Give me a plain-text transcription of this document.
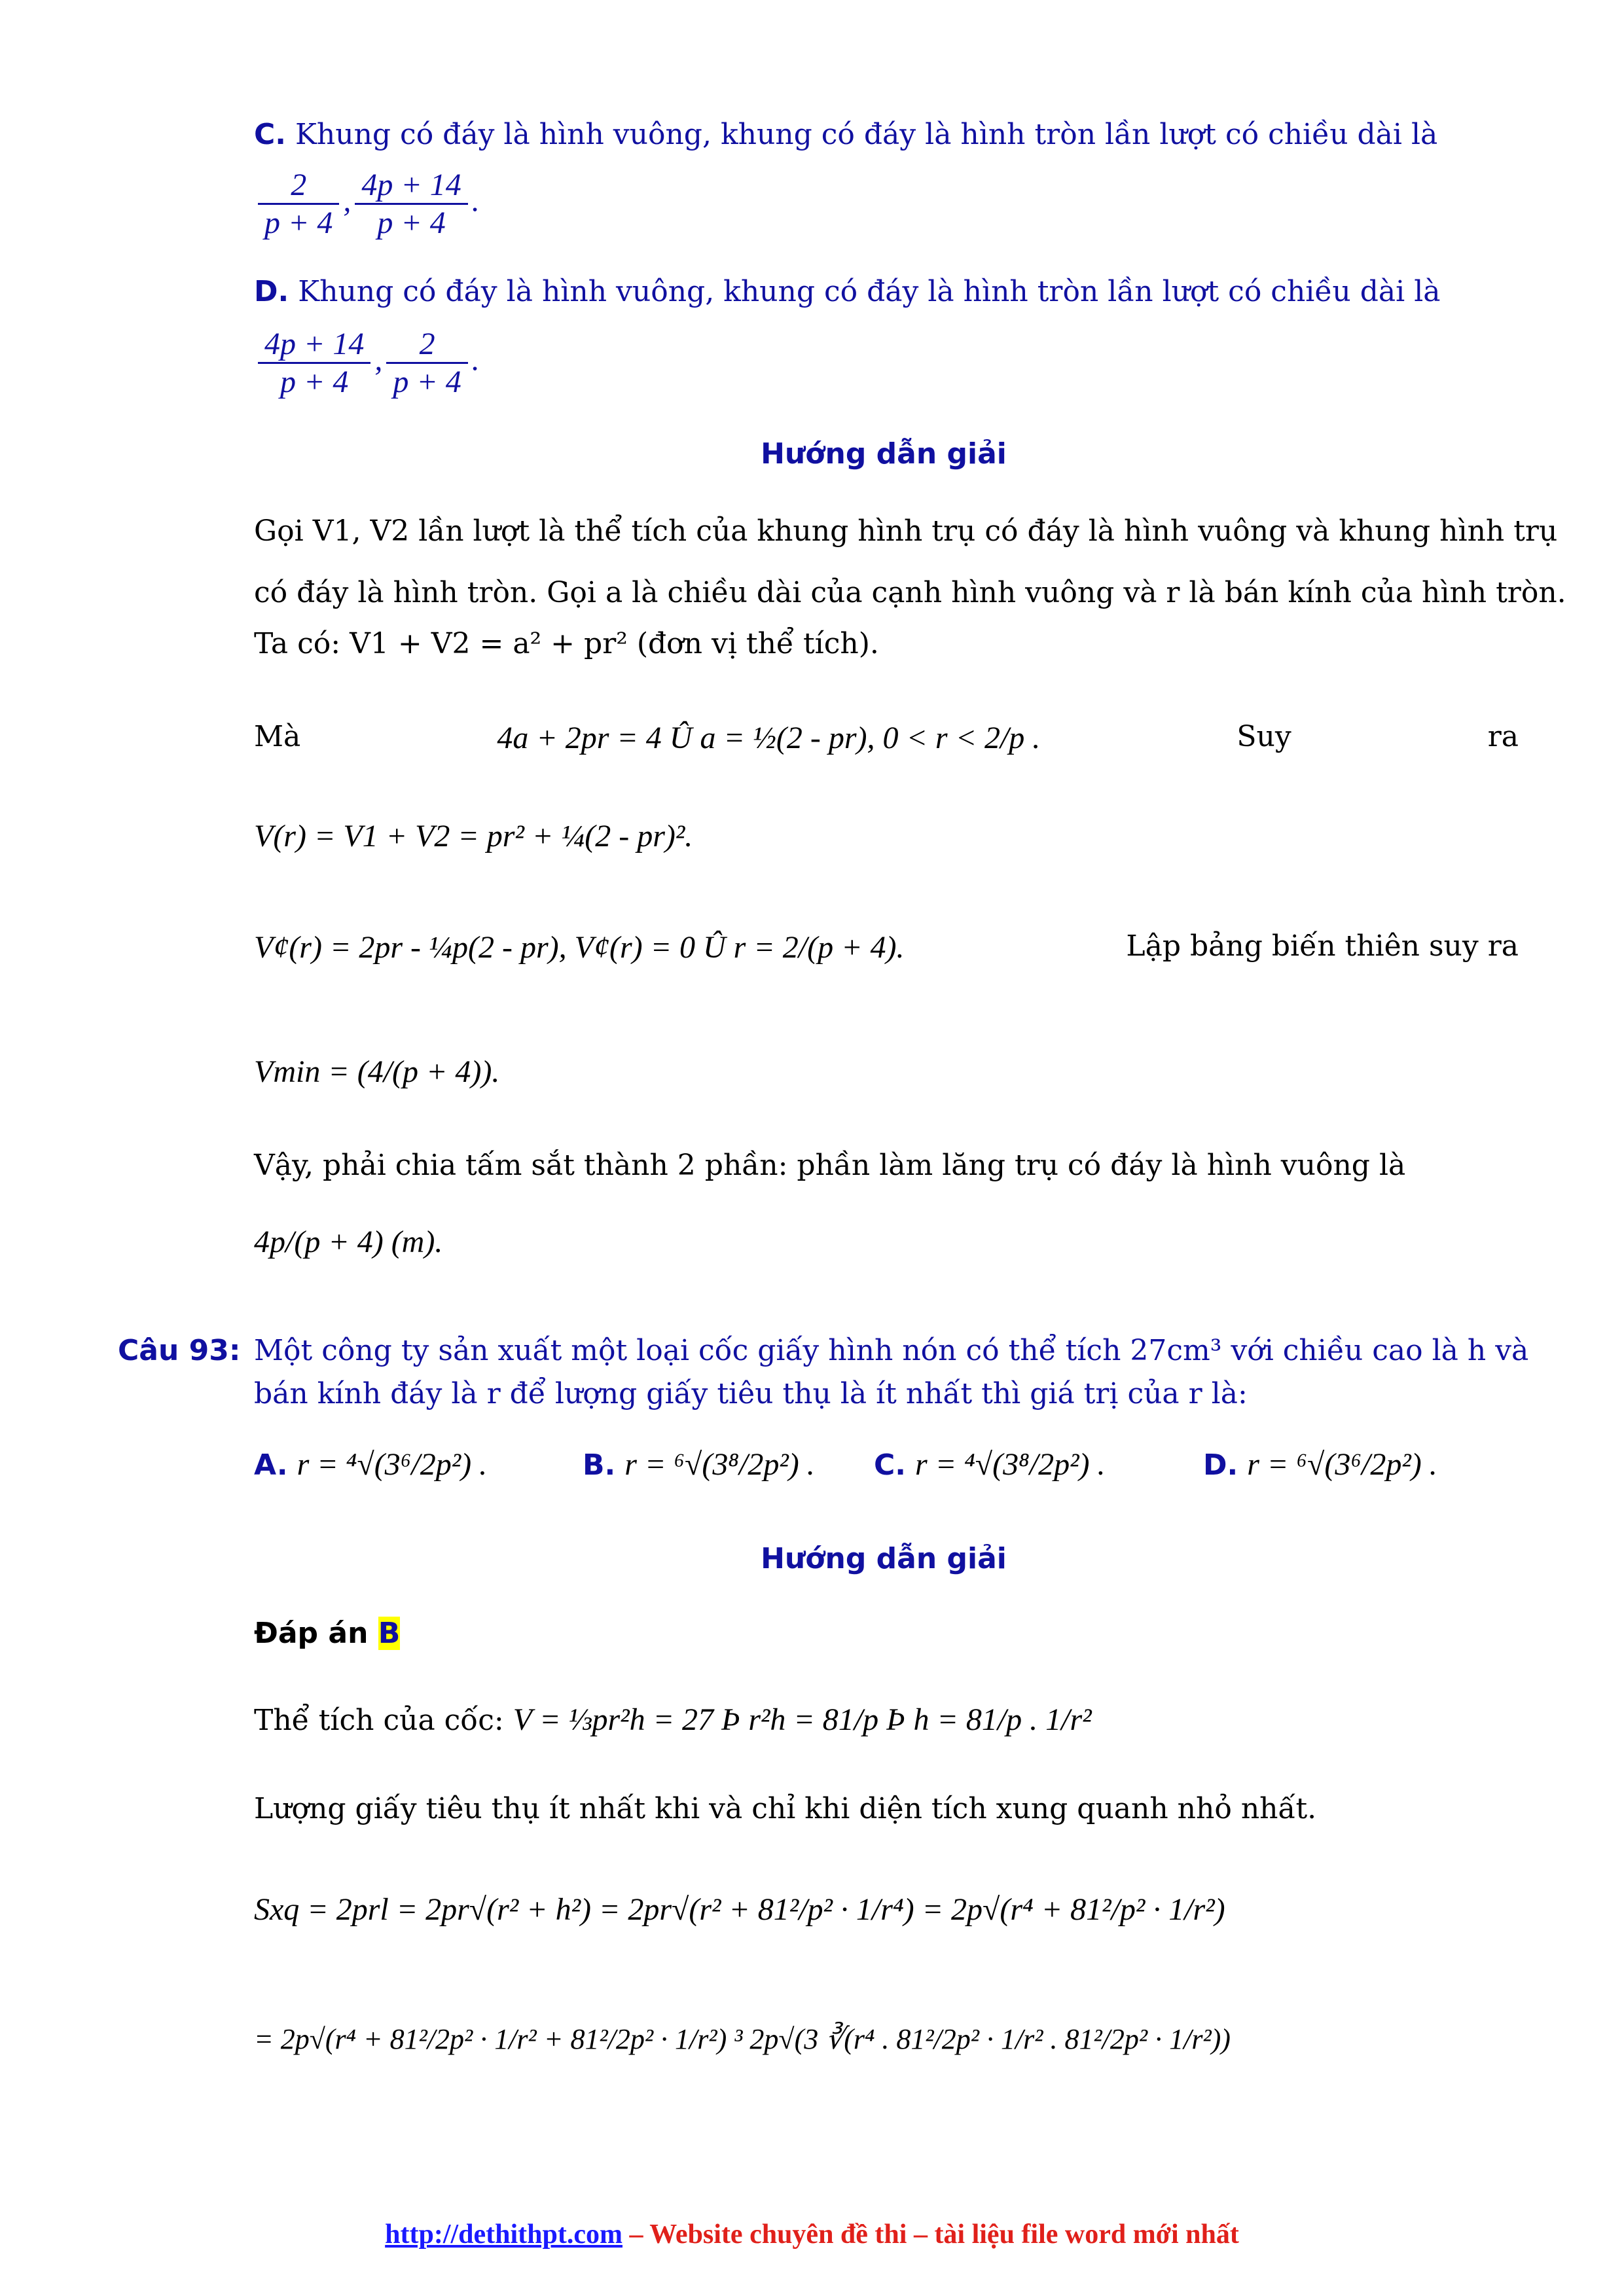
C. Khung có đáy là hình vuông, khung có đáy là hình tròn lần lượt có chiều dài là
$\frac{2}{p + 4}$ , $\frac{4p + 14}{p + 4}$ .
D. Khung có đáy là hình vuông, khung có đáy là hình tròn lần lượt có chiều dài là
$\frac{4p + 14}{p + 4}$ , $\frac{2}{p + 4}$ .
Hướng dẫn giải
Gọi V1, V2 lần lượt là thể tích của khung hình trụ có đáy là hình vuông và khung hình trụ
có đáy là hình tròn. Gọi a là chiều dài của cạnh hình vuông và r là bán kính của hình tròn.
Ta có: V1 + V2 = a² + pr² (đơn vị thể tích).
Mà	4a + 2pr = 4 Û a = ½(2 - pr), 0 < r < 2/p .	Suy	ra
V(r) = V1 + V2 = pr² + ¼(2 - pr)².
V¢(r) = 2pr - ¼p(2 - pr), V¢(r) = 0 Û r = 2/(p + 4).	Lập bảng biến thiên suy ra
Vmin = (4/(p + 4)).
Vậy, phải chia tấm sắt thành 2 phần: phần làm lăng trụ có đáy là hình vuông là
4p/(p + 4) (m).
Câu 93: Một công ty sản xuất một loại cốc giấy hình nón có thể tích 27cm³ với chiều cao là h và
bán kính đáy là r để lượng giấy tiêu thụ là ít nhất thì giá trị của r là:
A. r = ⁴√(3⁶/2p²) .	B. r = ⁶√(3⁸/2p²) . C. r = ⁴√(3⁸/2p²) .	D. r = ⁶√(3⁶/2p²) .
Hướng dẫn giải
Đáp án B
Thể tích của cốc: V = ⅓pr²h = 27 Þ r²h = 81/p Þ h = 81/p . 1/r²
Lượng giấy tiêu thụ ít nhất khi và chỉ khi diện tích xung quanh nhỏ nhất.
Sxq = 2prl = 2pr√(r² + h²) = 2pr√(r² + 81²/p² · 1/r⁴) = 2p√(r⁴ + 81²/p² · 1/r²)
= 2p√(r⁴ + 81²/2p² · 1/r² + 81²/2p² · 1/r²) ³ 2p√(3 ∛(r⁴ . 81²/2p² · 1/r² . 81²/2p² · 1/r²))
http://dethithpt.com – Website chuyên đề thi – tài liệu file word mới nhất
